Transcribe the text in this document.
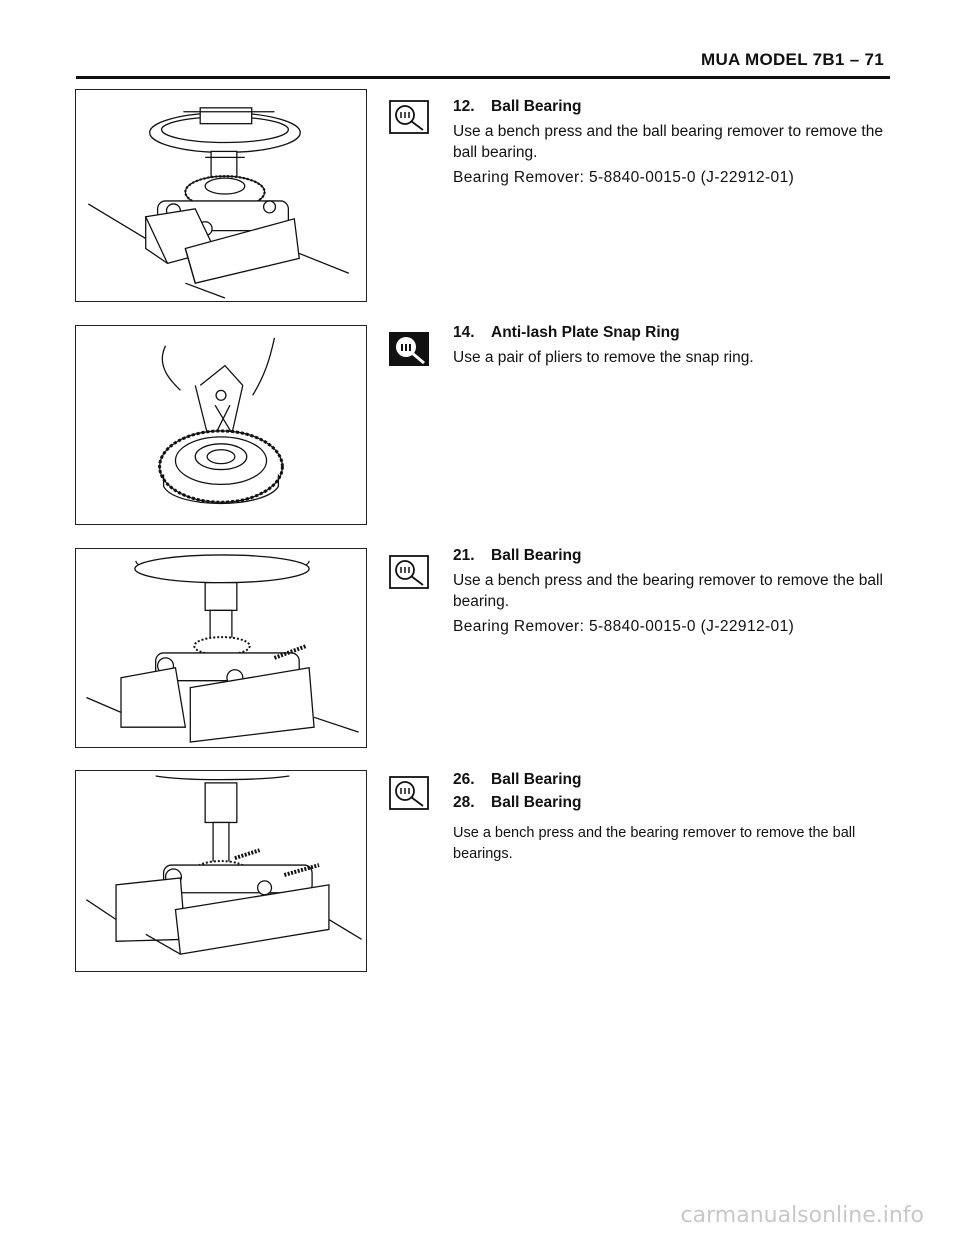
MUA MODEL 7B1 – 71
12. Ball Bearing
Use a bench press and the ball bearing remover to remove the ball bearing.
Bearing Remover: 5-8840-0015-0 (J-22912-01)
14. Anti-lash Plate Snap Ring
Use a pair of pliers to remove the snap ring.
21. Ball Bearing
Use a bench press and the bearing remover to remove the ball bearing.
Bearing Remover: 5-8840-0015-0 (J-22912-01)
26. Ball Bearing
28. Ball Bearing
Use a bench press and the bearing remover to remove the ball bearings.
carmanualsonline.info
